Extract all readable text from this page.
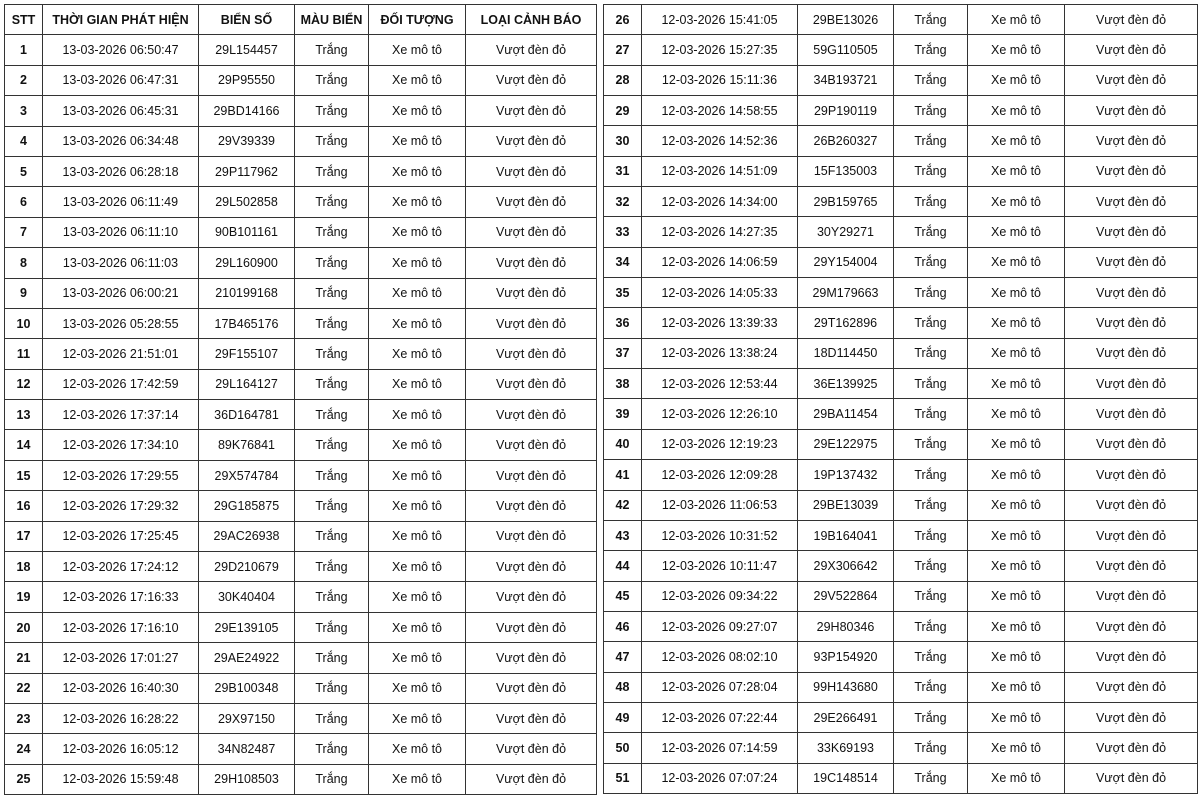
STT	THỜI GIAN PHÁT HIỆN	BIỂN SỐ	MÀU BIỂN	ĐỐI TƯỢNG	LOẠI CẢNH BÁO
1	13-03-2026 06:50:47	29L154457	Trắng	Xe mô tô	Vượt đèn đỏ
2	13-03-2026 06:47:31	29P95550	Trắng	Xe mô tô	Vượt đèn đỏ
3	13-03-2026 06:45:31	29BD14166	Trắng	Xe mô tô	Vượt đèn đỏ
4	13-03-2026 06:34:48	29V39339	Trắng	Xe mô tô	Vượt đèn đỏ
5	13-03-2026 06:28:18	29P117962	Trắng	Xe mô tô	Vượt đèn đỏ
6	13-03-2026 06:11:49	29L502858	Trắng	Xe mô tô	Vượt đèn đỏ
7	13-03-2026 06:11:10	90B101161	Trắng	Xe mô tô	Vượt đèn đỏ
8	13-03-2026 06:11:03	29L160900	Trắng	Xe mô tô	Vượt đèn đỏ
9	13-03-2026 06:00:21	210199168	Trắng	Xe mô tô	Vượt đèn đỏ
10	13-03-2026 05:28:55	17B465176	Trắng	Xe mô tô	Vượt đèn đỏ
11	12-03-2026 21:51:01	29F155107	Trắng	Xe mô tô	Vượt đèn đỏ
12	12-03-2026 17:42:59	29L164127	Trắng	Xe mô tô	Vượt đèn đỏ
13	12-03-2026 17:37:14	36D164781	Trắng	Xe mô tô	Vượt đèn đỏ
14	12-03-2026 17:34:10	89K76841	Trắng	Xe mô tô	Vượt đèn đỏ
15	12-03-2026 17:29:55	29X574784	Trắng	Xe mô tô	Vượt đèn đỏ
16	12-03-2026 17:29:32	29G185875	Trắng	Xe mô tô	Vượt đèn đỏ
17	12-03-2026 17:25:45	29AC26938	Trắng	Xe mô tô	Vượt đèn đỏ
18	12-03-2026 17:24:12	29D210679	Trắng	Xe mô tô	Vượt đèn đỏ
19	12-03-2026 17:16:33	30K40404	Trắng	Xe mô tô	Vượt đèn đỏ
20	12-03-2026 17:16:10	29E139105	Trắng	Xe mô tô	Vượt đèn đỏ
21	12-03-2026 17:01:27	29AE24922	Trắng	Xe mô tô	Vượt đèn đỏ
22	12-03-2026 16:40:30	29B100348	Trắng	Xe mô tô	Vượt đèn đỏ
23	12-03-2026 16:28:22	29X97150	Trắng	Xe mô tô	Vượt đèn đỏ
24	12-03-2026 16:05:12	34N82487	Trắng	Xe mô tô	Vượt đèn đỏ
25	12-03-2026 15:59:48	29H108503	Trắng	Xe mô tô	Vượt đèn đỏ
26	12-03-2026 15:41:05	29BE13026	Trắng	Xe mô tô	Vượt đèn đỏ
27	12-03-2026 15:27:35	59G110505	Trắng	Xe mô tô	Vượt đèn đỏ
28	12-03-2026 15:11:36	34B193721	Trắng	Xe mô tô	Vượt đèn đỏ
29	12-03-2026 14:58:55	29P190119	Trắng	Xe mô tô	Vượt đèn đỏ
30	12-03-2026 14:52:36	26B260327	Trắng	Xe mô tô	Vượt đèn đỏ
31	12-03-2026 14:51:09	15F135003	Trắng	Xe mô tô	Vượt đèn đỏ
32	12-03-2026 14:34:00	29B159765	Trắng	Xe mô tô	Vượt đèn đỏ
33	12-03-2026 14:27:35	30Y29271	Trắng	Xe mô tô	Vượt đèn đỏ
34	12-03-2026 14:06:59	29Y154004	Trắng	Xe mô tô	Vượt đèn đỏ
35	12-03-2026 14:05:33	29M179663	Trắng	Xe mô tô	Vượt đèn đỏ
36	12-03-2026 13:39:33	29T162896	Trắng	Xe mô tô	Vượt đèn đỏ
37	12-03-2026 13:38:24	18D114450	Trắng	Xe mô tô	Vượt đèn đỏ
38	12-03-2026 12:53:44	36E139925	Trắng	Xe mô tô	Vượt đèn đỏ
39	12-03-2026 12:26:10	29BA11454	Trắng	Xe mô tô	Vượt đèn đỏ
40	12-03-2026 12:19:23	29E122975	Trắng	Xe mô tô	Vượt đèn đỏ
41	12-03-2026 12:09:28	19P137432	Trắng	Xe mô tô	Vượt đèn đỏ
42	12-03-2026 11:06:53	29BE13039	Trắng	Xe mô tô	Vượt đèn đỏ
43	12-03-2026 10:31:52	19B164041	Trắng	Xe mô tô	Vượt đèn đỏ
44	12-03-2026 10:11:47	29X306642	Trắng	Xe mô tô	Vượt đèn đỏ
45	12-03-2026 09:34:22	29V522864	Trắng	Xe mô tô	Vượt đèn đỏ
46	12-03-2026 09:27:07	29H80346	Trắng	Xe mô tô	Vượt đèn đỏ
47	12-03-2026 08:02:10	93P154920	Trắng	Xe mô tô	Vượt đèn đỏ
48	12-03-2026 07:28:04	99H143680	Trắng	Xe mô tô	Vượt đèn đỏ
49	12-03-2026 07:22:44	29E266491	Trắng	Xe mô tô	Vượt đèn đỏ
50	12-03-2026 07:14:59	33K69193	Trắng	Xe mô tô	Vượt đèn đỏ
51	12-03-2026 07:07:24	19C148514	Trắng	Xe mô tô	Vượt đèn đỏ
